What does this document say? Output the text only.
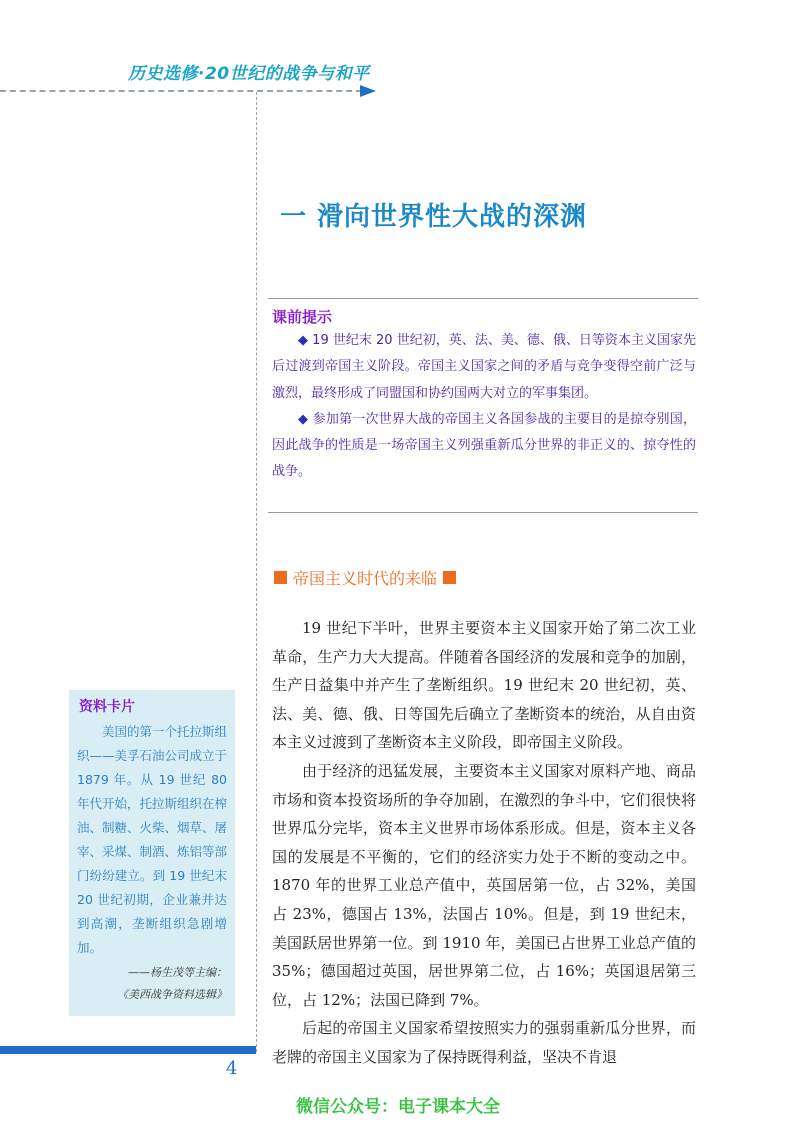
历史选修·20世纪的战争与和平
一 滑向世界性大战的深渊
课前提示

◆ 19 世纪末 20 世纪初，英、法、美、德、俄、日等资本主义国家先后过渡到帝国主义阶段。帝国主义国家之间的矛盾与竞争变得空前广泛与激烈，最终形成了同盟国和协约国两大对立的军事集团。

◆ 参加第一次世界大战的帝国主义各国参战的主要目的是掠夺别国，因此战争的性质是一场帝国主义列强重新瓜分世界的非正义的、掠夺性的战争。

帝国主义时代的来临

19 世纪下半叶，世界主要资本主义国家开始了第二次工业革命，生产力大大提高。伴随着各国经济的发展和竞争的加剧，生产日益集中并产生了垄断组织。19 世纪末 20 世纪初，英、法、美、德、俄、日等国先后确立了垄断资本的统治，从自由资本主义过渡到了垄断资本主义阶段，即帝国主义阶段。

由于经济的迅猛发展，主要资本主义国家对原料产地、商品市场和资本投资场所的争夺加剧，在激烈的争斗中，它们很快将世界瓜分完毕，资本主义世界市场体系形成。但是，资本主义各国的发展是不平衡的，它们的经济实力处于不断的变动之中。1870 年的世界工业总产值中，英国居第一位，占 32%，美国占 23%，德国占 13%，法国占 10%。但是，到 19 世纪末，美国跃居世界第一位。到 1910 年，美国已占世界工业总产值的 35%；德国超过英国，居世界第二位，占 16%；英国退居第三位，占 12%；法国已降到 7%。

后起的帝国主义国家希望按照实力的强弱重新瓜分世界，而老牌的帝国主义国家为了保持既得利益，坚决不肯退

资料卡片

美国的第一个托拉斯组织——美孚石油公司成立于 1879 年。从 19 世纪 80 年代开始，托拉斯组织在榨油、制糖、火柴、烟草、屠宰、采煤、制酒、炼铝等部门纷纷建立。到 19 世纪末 20 世纪初期，企业兼并达到高潮，垄断组织急剧增加。

——杨生茂等主编：
《美西战争资料选辑》
4
微信公众号：电子课本大全
